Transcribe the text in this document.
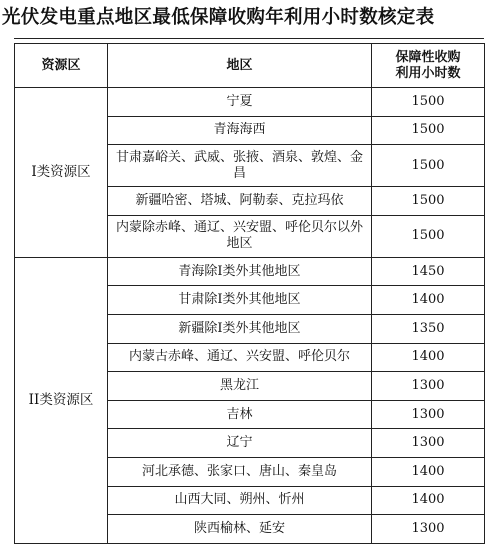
光伏发电重点地区最低保障收购年利用小时数核定表
资源区	地区	保障性收购
利用小时数

I类资源区	宁夏	1500
	青海海西	1500
	甘肃嘉峪关、武威、张掖、酒泉、敦煌、金昌	1500
	新疆哈密、塔城、阿勒泰、克拉玛依	1500
	内蒙除赤峰、通辽、兴安盟、呼伦贝尔以外地区	1500
II类资源区	青海除I类外其他地区	1450
	甘肃除I类外其他地区	1400
	新疆除I类外其他地区	1350
	内蒙古赤峰、通辽、兴安盟、呼伦贝尔	1400
	黑龙江	1300
	吉林	1300
	辽宁	1300
	河北承德、张家口、唐山、秦皇岛	1400
	山西大同、朔州、忻州	1400
	陕西榆林、延安	1300
